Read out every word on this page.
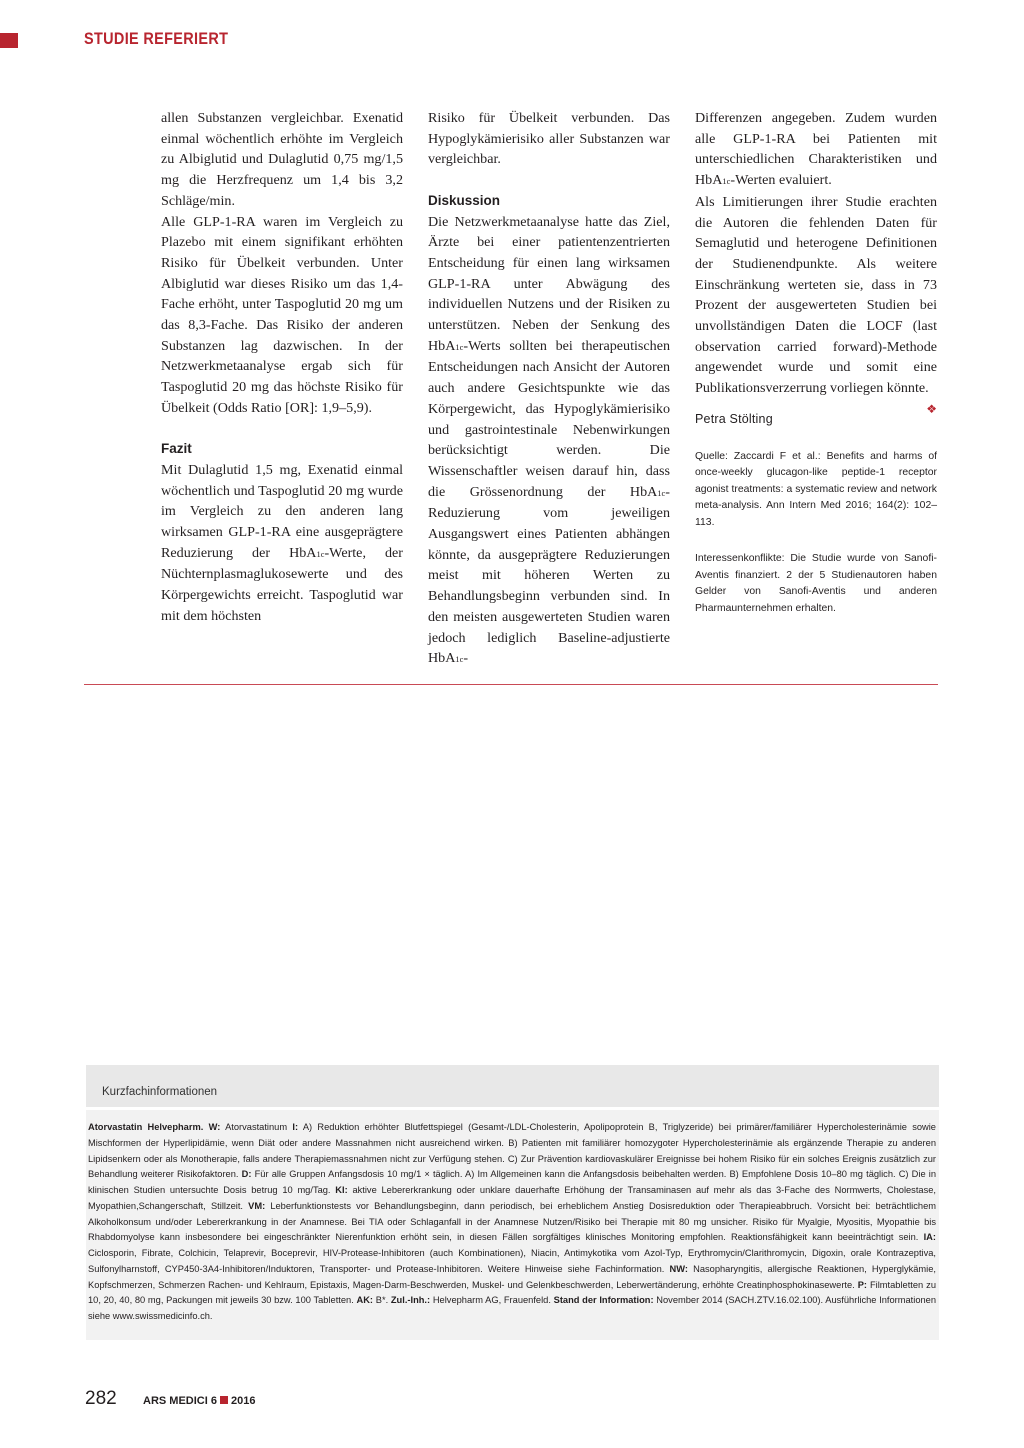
STUDIE REFERIERT

allen Substanzen vergleichbar. Exenatid einmal wöchentlich erhöhte im Vergleich zu Albiglutid und Dulaglutid 0,75 mg/1,5 mg die Herzfrequenz um 1,4 bis 3,2 Schläge/min.

Alle GLP-1-RA waren im Vergleich zu Plazebo mit einem signifikant erhöhten Risiko für Übelkeit verbunden. Unter Albiglutid war dieses Risiko um das 1,4-Fache erhöht, unter Taspoglutid 20 mg um das 8,3-Fache. Das Risiko der anderen Substanzen lag dazwischen. In der Netzwerkmetaanalyse ergab sich für Taspoglutid 20 mg das höchste Risiko für Übelkeit (Odds Ratio [OR]: 1,9–5,9).

Fazit

Mit Dulaglutid 1,5 mg, Exenatid einmal wöchentlich und Taspoglutid 20 mg wurde im Vergleich zu den anderen lang wirksamen GLP-1-RA eine ausgeprägtere Reduzierung der HbA1c-Werte, der Nüchternplasmaglukosewerte und des Körpergewichts erreicht. Taspoglutid war mit dem höchsten

Risiko für Übelkeit verbunden. Das Hypoglykämierisiko aller Substanzen war vergleichbar.

Diskussion

Die Netzwerkmetaanalyse hatte das Ziel, Ärzte bei einer patientenzentrierten Entscheidung für einen lang wirksamen GLP-1-RA unter Abwägung des individuellen Nutzens und der Risiken zu unterstützen. Neben der Senkung des HbA1c-Werts sollten bei therapeutischen Entscheidungen nach Ansicht der Autoren auch andere Gesichtspunkte wie das Körpergewicht, das Hypoglykämierisiko und gastrointestinale Nebenwirkungen berücksichtigt werden. Die Wissenschaftler weisen darauf hin, dass die Grössenordnung der HbA1c-Reduzierung vom jeweiligen Ausgangswert eines Patienten abhängen könnte, da ausgeprägtere Reduzierungen meist mit höheren Werten zu Behandlungsbeginn verbunden sind. In den meisten ausgewerteten Studien waren jedoch lediglich Baseline-adjustierte HbA1c-

Differenzen angegeben. Zudem wurden alle GLP-1-RA bei Patienten mit unterschiedlichen Charakteristiken und HbA1c-Werten evaluiert.

Als Limitierungen ihrer Studie erachten die Autoren die fehlenden Daten für Semaglutid und heterogene Definitionen der Studienendpunkte. Als weitere Einschränkung werteten sie, dass in 73 Prozent der ausgewerteten Studien bei unvollständigen Daten die LOCF (last observation carried forward)-Methode angewendet wurde und somit eine Publikationsverzerrung vorliegen könnte.
❖

Petra Stölting
Quelle: Zaccardi F et al.: Benefits and harms of once-weekly glucagon-like peptide-1 receptor agonist treatments: a systematic review and network meta-analysis. Ann Intern Med 2016; 164(2): 102–113.
Interessenkonflikte: Die Studie wurde von Sanofi-Aventis finanziert. 2 der 5 Studienautoren haben Gelder von Sanofi-Aventis und anderen Pharmaunternehmen erhalten.
Kurzfachinformationen
Atorvastatin Helvepharm. W: Atorvastatinum I: A) Reduktion erhöhter Blutfettspiegel (Gesamt-/LDL-Cholesterin, Apolipoprotein B, Triglyzeride) bei primärer/familiärer Hypercholesterinämie sowie Mischformen der Hyperlipidämie, wenn Diät oder andere Massnahmen nicht ausreichend wirken. B) Patienten mit familiärer homozygoter Hypercholesterinämie als ergänzende Therapie zu anderen Lipidsenkern oder als Monotherapie, falls andere Therapiemassnahmen nicht zur Verfügung stehen. C) Zur Prävention kardiovaskulärer Ereignisse bei hohem Risiko für ein solches Ereignis zusätzlich zur Behandlung weiterer Risikofaktoren. D: Für alle Gruppen Anfangsdosis 10 mg/1 × täglich. A) Im Allgemeinen kann die Anfangsdosis beibehalten werden. B) Empfohlene Dosis 10–80 mg täglich. C) Die in klinischen Studien untersuchte Dosis betrug 10 mg/Tag. KI: aktive Lebererkrankung oder unklare dauerhafte Erhöhung der Transaminasen auf mehr als das 3-Fache des Normwerts, Cholestase, Myopathien,Schangerschaft, Stillzeit. VM: Leberfunktionstests vor Behandlungsbeginn, dann periodisch, bei erheblichem Anstieg Dosisreduktion oder Therapieabbruch. Vorsicht bei: beträchtlichem Alkoholkonsum und/oder Lebererkrankung in der Anamnese. Bei TIA oder Schlaganfall in der Anamnese Nutzen/Risiko bei Therapie mit 80 mg unsicher. Risiko für Myalgie, Myositis, Myopathie bis Rhabdomyolyse kann insbesondere bei eingeschränkter Nierenfunktion erhöht sein, in diesen Fällen sorgfältiges klinisches Monitoring empfohlen. Reaktionsfähigkeit kann beeinträchtigt sein. IA: Ciclosporin, Fibrate, Colchicin, Telaprevir, Boceprevir, HIV-Protease-Inhibitoren (auch Kombinationen), Niacin, Antimykotika vom Azol-Typ, Erythromycin/Clarithromycin, Digoxin, orale Kontrazeptiva, Sulfonylharnstoff, CYP450-3A4-Inhibitoren/Induktoren, Transporter- und Protease-Inhibitoren. Weitere Hinweise siehe Fachinformation. NW: Nasopharyngitis, allergische Reaktionen, Hyperglykämie, Kopfschmerzen, Schmerzen Rachen- und Kehlraum, Epistaxis, Magen-Darm-Beschwerden, Muskel- und Gelenkbeschwerden, Leberwertänderung, erhöhte Creatinphosphokinasewerte. P: Filmtabletten zu 10, 20, 40, 80 mg, Packungen mit jeweils 30 bzw. 100 Tabletten. AK: B*. Zul.-Inh.: Helvepharm AG, Frauenfeld. Stand der Information: November 2014 (SACH.ZTV.16.02.100). Ausführliche Informationen siehe www.swissmedicinfo.ch.
282 ARS MEDICI 6 2016
